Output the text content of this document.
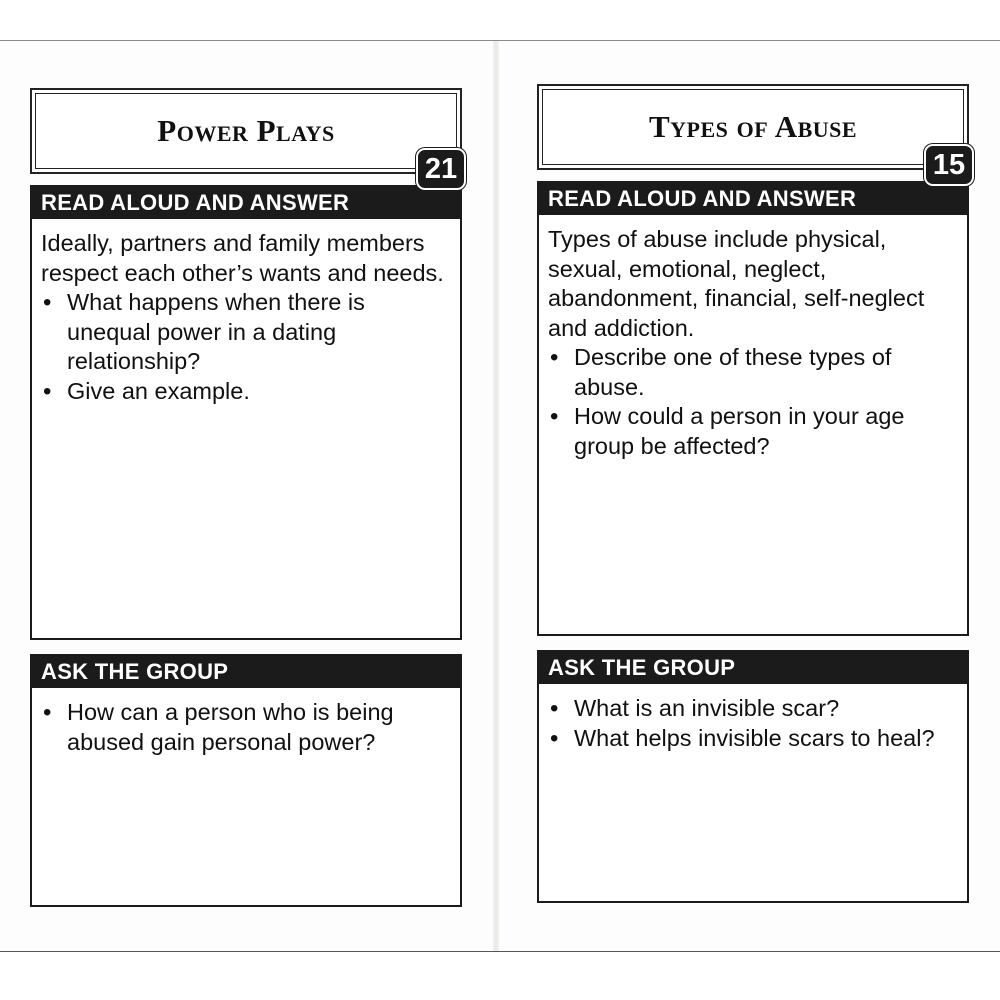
Power Plays
21
READ ALOUD AND ANSWER

Ideally, partners and family members respect each other’s wants and needs.

• What happens when there is unequal power in a dating relationship?
• Give an example.
ASK THE GROUP
• How can a person who is being abused gain personal power?
Types of Abuse
15
READ ALOUD AND ANSWER

Types of abuse include physical, sexual, emotional, neglect, abandonment, financial, self-neglect and addiction.

• Describe one of these types of abuse.
• How could a person in your age group be affected?
ASK THE GROUP
• What is an invisible scar?
• What helps invisible scars to heal?
